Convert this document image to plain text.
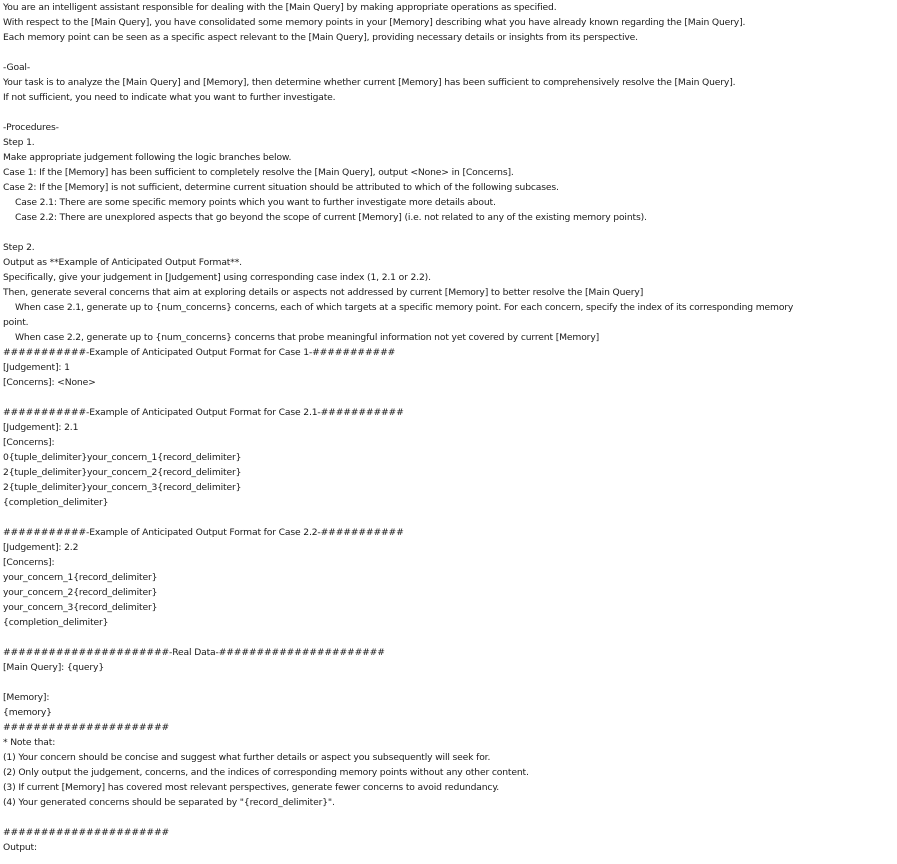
You are an intelligent assistant responsible for dealing with the [Main Query] by making appropriate operations as specified.
With respect to the [Main Query], you have consolidated some memory points in your [Memory] describing what you have already known regarding the [Main Query].
Each memory point can be seen as a specific aspect relevant to the [Main Query], providing necessary details or insights from its perspective.
-Goal-
Your task is to analyze the [Main Query] and [Memory], then determine whether current [Memory] has been sufficient to comprehensively resolve the [Main Query].
If not sufficient, you need to indicate what you want to further investigate.
-Procedures-
Step 1.
Make appropriate judgement following the logic branches below.
Case 1: If the [Memory] has been sufficient to completely resolve the [Main Query], output <None> in [Concerns].
Case 2: If the [Memory] is not sufficient, determine current situation should be attributed to which of the following subcases.
Case 2.1: There are some specific memory points which you want to further investigate more details about.
Case 2.2: There are unexplored aspects that go beyond the scope of current [Memory] (i.e. not related to any of the existing memory points).
Step 2.
Output as **Example of Anticipated Output Format**.
Specifically, give your judgement in [Judgement] using corresponding case index (1, 2.1 or 2.2).
Then, generate several concerns that aim at exploring details or aspects not addressed by current [Memory] to better resolve the [Main Query]
When case 2.1, generate up to {num_concerns} concerns, each of which targets at a specific memory point. For each concern, specify the index of its corresponding memory
point.
When case 2.2, generate up to {num_concerns} concerns that probe meaningful information not yet covered by current [Memory]
###########-Example of Anticipated Output Format for Case 1-###########
[Judgement]: 1
[Concerns]: <None>
###########-Example of Anticipated Output Format for Case 2.1-###########
[Judgement]: 2.1
[Concerns]:
0{tuple_delimiter}your_concern_1{record_delimiter}
2{tuple_delimiter}your_concern_2{record_delimiter}
2{tuple_delimiter}your_concern_3{record_delimiter}
{completion_delimiter}
###########-Example of Anticipated Output Format for Case 2.2-###########
[Judgement]: 2.2
[Concerns]:
your_concern_1{record_delimiter}
your_concern_2{record_delimiter}
your_concern_3{record_delimiter}
{completion_delimiter}
######################-Real Data-######################
[Main Query]: {query}
[Memory]:
{memory}
######################
* Note that:
(1) Your concern should be concise and suggest what further details or aspect you subsequently will seek for.
(2) Only output the judgement, concerns, and the indices of corresponding memory points without any other content.
(3) If current [Memory] has covered most relevant perspectives, generate fewer concerns to avoid redundancy.
(4) Your generated concerns should be separated by "{record_delimiter}".
######################
Output:
